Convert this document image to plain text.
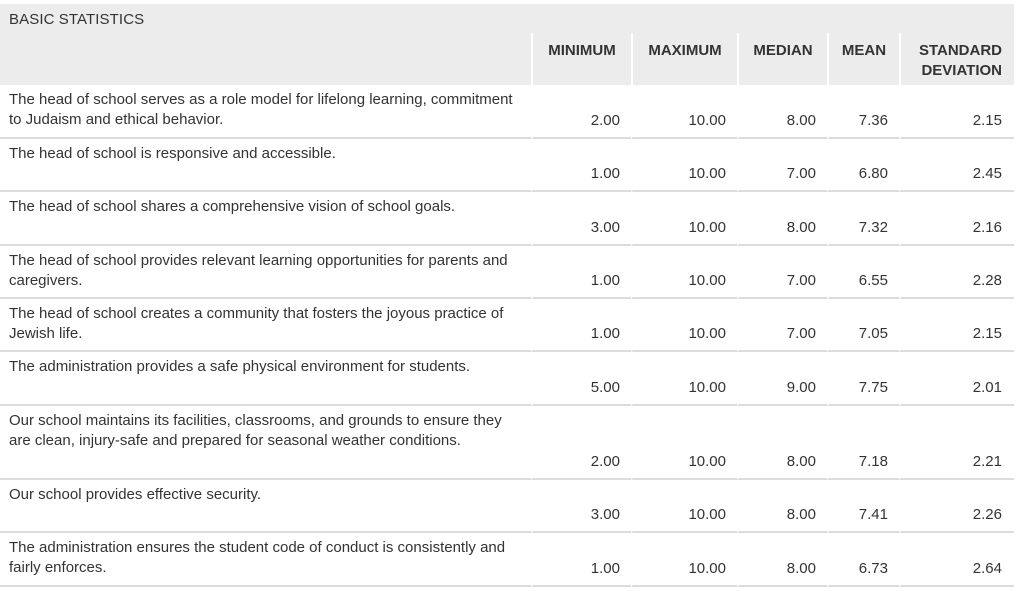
BASIC STATISTICS
	MINIMUM	MAXIMUM	MEDIAN	MEAN	STANDARD
DEVIATION
The head of school serves as a role model for lifelong learning, commitment to Judaism and ethical behavior.	2.00	10.00	8.00	7.36	2.15
The head of school is responsive and accessible.	1.00	10.00	7.00	6.80	2.45
The head of school shares a comprehensive vision of school goals.	3.00	10.00	8.00	7.32	2.16
The head of school provides relevant learning opportunities for parents and caregivers.	1.00	10.00	7.00	6.55	2.28
The head of school creates a community that fosters the joyous practice of Jewish life.	1.00	10.00	7.00	7.05	2.15
The administration provides a safe physical environment for students.	5.00	10.00	9.00	7.75	2.01
Our school maintains its facilities, classrooms, and grounds to ensure they are clean, injury-safe and prepared for seasonal weather conditions.	2.00	10.00	8.00	7.18	2.21
Our school provides effective security.	3.00	10.00	8.00	7.41	2.26
The administration ensures the student code of conduct is consistently and fairly enforces.	1.00	10.00	8.00	6.73	2.64
